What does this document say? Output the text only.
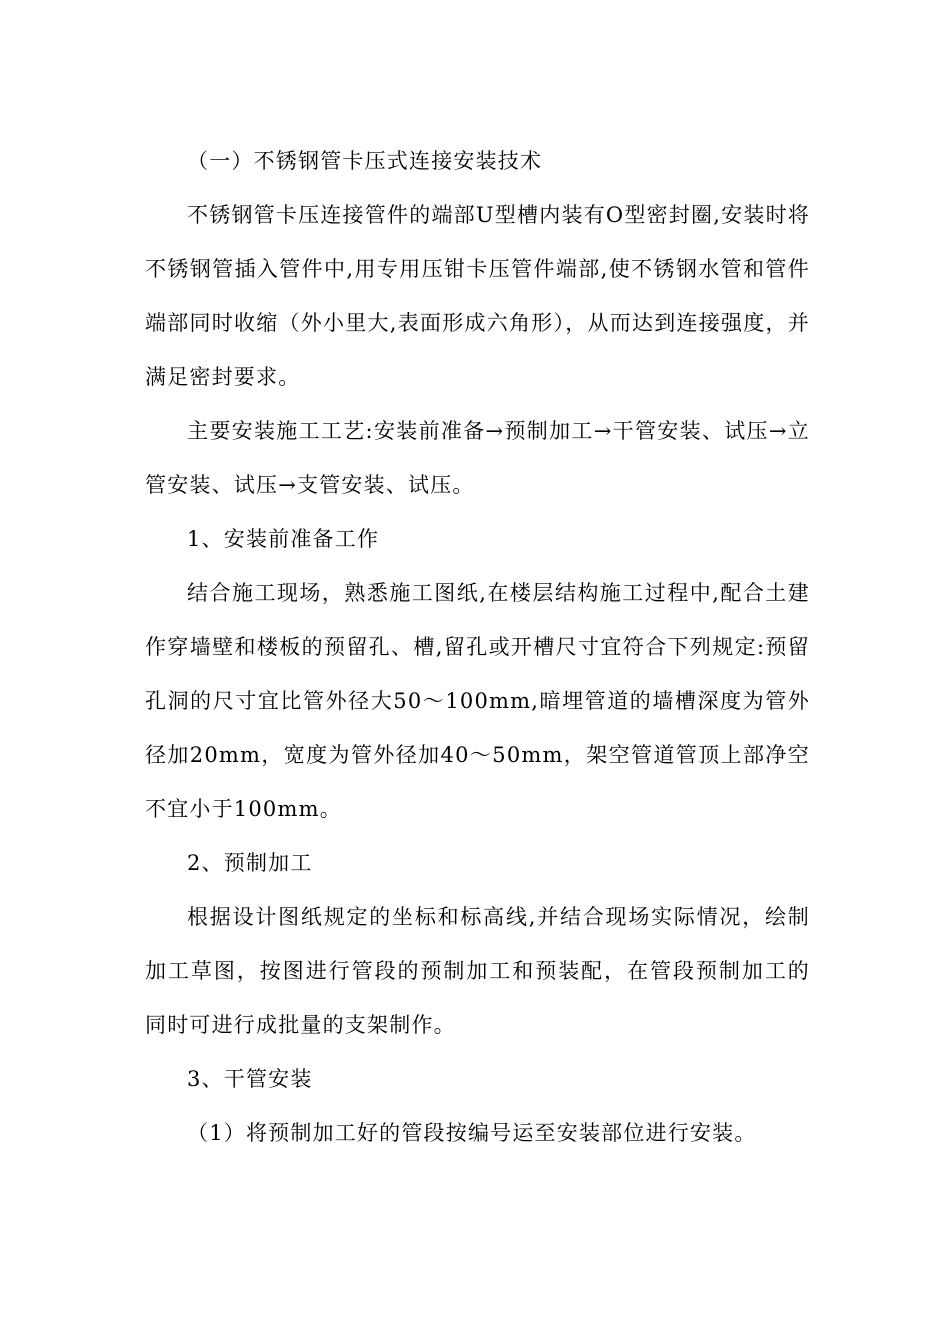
（一）不锈钢管卡压式连接安装技术

不锈钢管卡压连接管件的端部U型槽内装有O型密封圈,安装时将不锈钢管插入管件中,用专用压钳卡压管件端部,使不锈钢水管和管件端部同时收缩（外小里大,表面形成六角形），从而达到连接强度，并满足密封要求。

主要安装施工工艺:安装前准备→预制加工→干管安装、试压→立管安装、试压→支管安装、试压。

1、安装前准备工作

结合施工现场，熟悉施工图纸,在楼层结构施工过程中,配合土建作穿墙壁和楼板的预留孔、槽,留孔或开槽尺寸宜符合下列规定:预留孔洞的尺寸宜比管外径大50～100mm,暗埋管道的墙槽深度为管外径加20mm，宽度为管外径加40～50mm，架空管道管顶上部净空不宜小于100mm。

2、预制加工

根据设计图纸规定的坐标和标高线,并结合现场实际情况，绘制加工草图，按图进行管段的预制加工和预装配，在管段预制加工的同时可进行成批量的支架制作。

3、干管安装

（1）将预制加工好的管段按编号运至安装部位进行安装。
